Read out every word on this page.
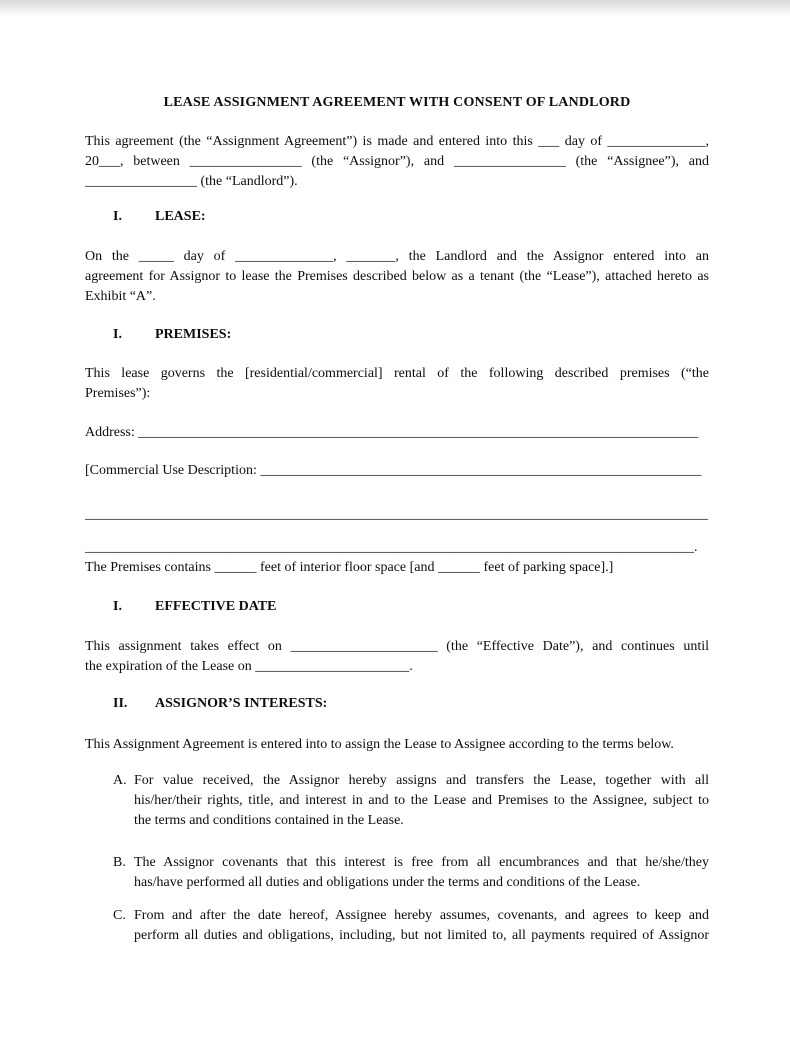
LEASE ASSIGNMENT AGREEMENT WITH CONSENT OF LANDLORD
This agreement (the “Assignment Agreement”) is made and entered into this ___ day of ______________,
20___, between ________________ (the “Assignor”), and ________________ (the “Assignee”), and
________________ (the “Landlord”).
I. LEASE:
On the _____ day of ______________, _______, the Landlord and the Assignor entered into an
agreement for Assignor to lease the Premises described below as a tenant (the “Lease”), attached hereto as
Exhibit “A”.
I. PREMISES:
This lease governs the [residential/commercial] rental of the following described premises (“the
Premises”):
Address: ________________________________________________________________________________
[Commercial Use Description: _______________________________________________________________
_________________________________________________________________________________________
_______________________________________________________________________________________.
The Premises contains ______ feet of interior floor space [and ______ feet of parking space].]
I. EFFECTIVE DATE
This assignment takes effect on _____________________ (the “Effective Date”), and continues until
the expiration of the Lease on ______________________.
II. ASSIGNOR’S INTERESTS:
This Assignment Agreement is entered into to assign the Lease to Assignee according to the terms below.
A. For value received, the Assignor hereby assigns and transfers the Lease, together with all
his/her/their rights, title, and interest in and to the Lease and Premises to the Assignee, subject to
the terms and conditions contained in the Lease.
B. The Assignor covenants that this interest is free from all encumbrances and that he/she/they
has/have performed all duties and obligations under the terms and conditions of the Lease.
C. From and after the date hereof, Assignee hereby assumes, covenants, and agrees to keep and
perform all duties and obligations, including, but not limited to, all payments required of Assignor
